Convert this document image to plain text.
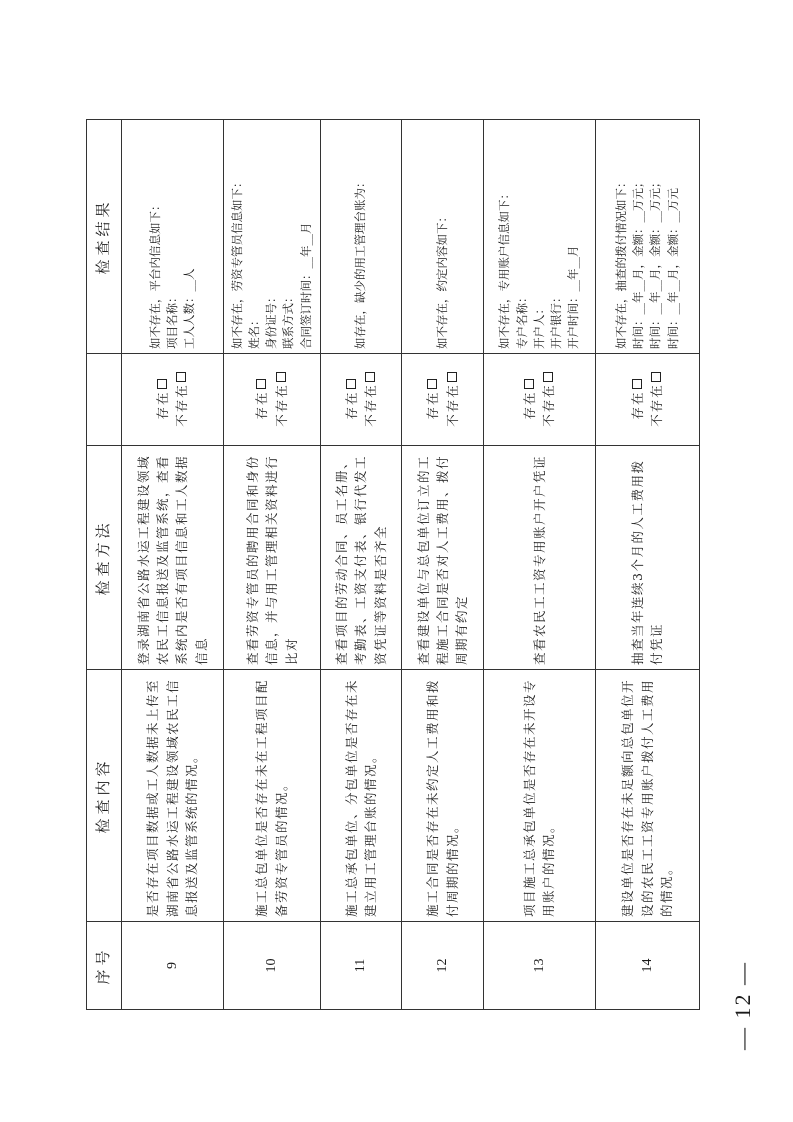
序号	检查内容	检查方法		检查结果
9	是否存在项目数据或工人数据未上传至湖南省公路水运工程建设领域农民工信息报送及监管系统的情况。	登录湖南省公路水运工程建设领域农民工信息报送及监管系统，查看系统内是否有项目信息和工人数据信息	存在 不存在	如不存在，平台内信息如下： 项目名称： 工人人数：__人

10	施工总包单位是否存在未在工程项目配备劳资专管员的情况。	查看劳资专管员的聘用合同和身份信息，并与用工管理相关资料进行比对	存在 不存在	如不存在，劳资专管员信息如下： 姓名： 身份证号： 联系方式： 合同签订时间：__年__月

11	施工总承包单位、分包单位是否存在未建立用工管理台账的情况。	查看项目的劳动合同、员工名册、考勤表、工资支付表、银行代发工资凭证等资料是否齐全	存在 不存在	如存在，缺少的用工管理台账为：

12	施工合同是否存在未约定人工费用和拨付周期的情况。	查看建设单位与总包单位订立的工程施工合同是否对人工费用、拨付周期有约定	存在 不存在	如不存在，约定内容如下：

13	项目施工总承包单位是否存在未开设专用账户的情况。	查看农民工工资专用账户开户凭证	存在 不存在	如不存在，专用账户信息如下： 专户名称： 开户人： 开户银行： 开户时间：__年__月

14	建设单位是否存在未足额向总包单位开设的农民工工资专用账户拨付人工费用的情况。	抽查当年连续3个月的人工费用拨付凭证	存在 不存在	如不存在，抽查的拨付情况如下： 时间：__年__月，金额：__万元； 时间：__年__月，金额：__万元； 时间：__年__月，金额：__万元
— 12 —
